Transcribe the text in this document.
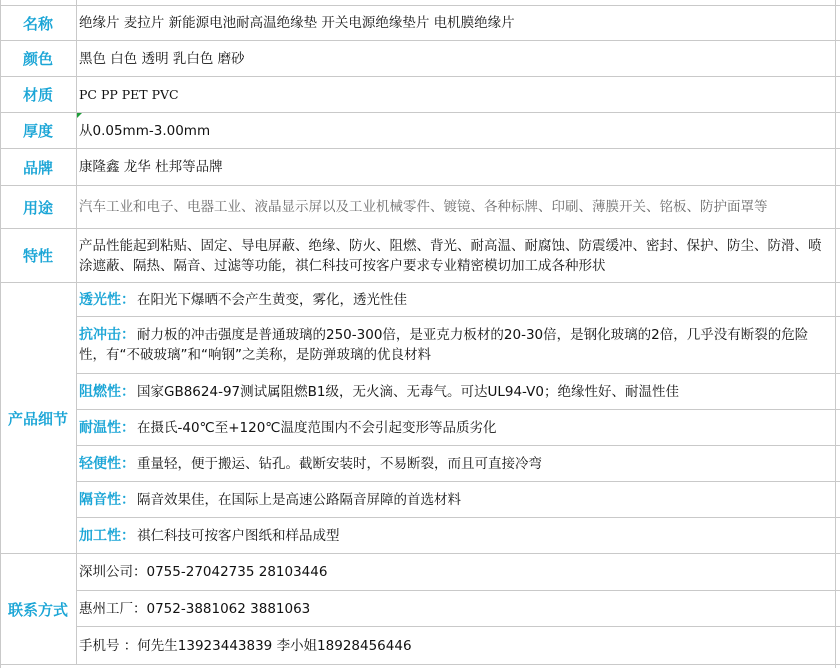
名称
颜色
材质
厚度
品牌
用途
特性
产品细节
联系方式
绝缘片 麦拉片 新能源电池耐高温绝缘垫 开关电源绝缘垫片 电机膜绝缘片
黑色 白色 透明 乳白色 磨砂
PC PP PET PVC
从0.05mm-3.00mm
康隆鑫 龙华 杜邦等品牌
汽车工业和电子、电器工业、液晶显示屏以及工业机械零件、镀镜、各种标牌、印刷、薄膜开关、铭板、防护面罩等
产品性能起到粘贴、固定、导电屏蔽、绝缘、防火、阻燃、背光、耐高温、耐腐蚀、防震缓冲、密封、保护、防尘、防滑、喷涂遮蔽、隔热、隔音、过滤等功能，祺仁科技可按客户要求专业精密模切加工成各种形状
透光性： 在阳光下爆晒不会产生黄变，雾化，透光性佳
抗冲击： 耐力板的冲击强度是普通玻璃的250-300倍，是亚克力板材的20-30倍，是钢化玻璃的2倍，几乎没有断裂的危险性，有“不破玻璃”和“响钢”之美称，是防弹玻璃的优良材料
阻燃性： 国家GB8624-97测试属阻燃B1级，无火滴、无毒气。可达UL94-V0；绝缘性好、耐温性佳
耐温性： 在摄氏-40℃至+120℃温度范围内不会引起变形等品质劣化
轻便性： 重量轻，便于搬运、钻孔。截断安装时，不易断裂，而且可直接冷弯
隔音性： 隔音效果佳，在国际上是高速公路隔音屏障的首选材料
加工性： 祺仁科技可按客户图纸和样品成型
深圳公司：0755-27042735 28103446
惠州工厂：0752-3881062 3881063
手机号 ：何先生13923443839 李小姐18928456446
